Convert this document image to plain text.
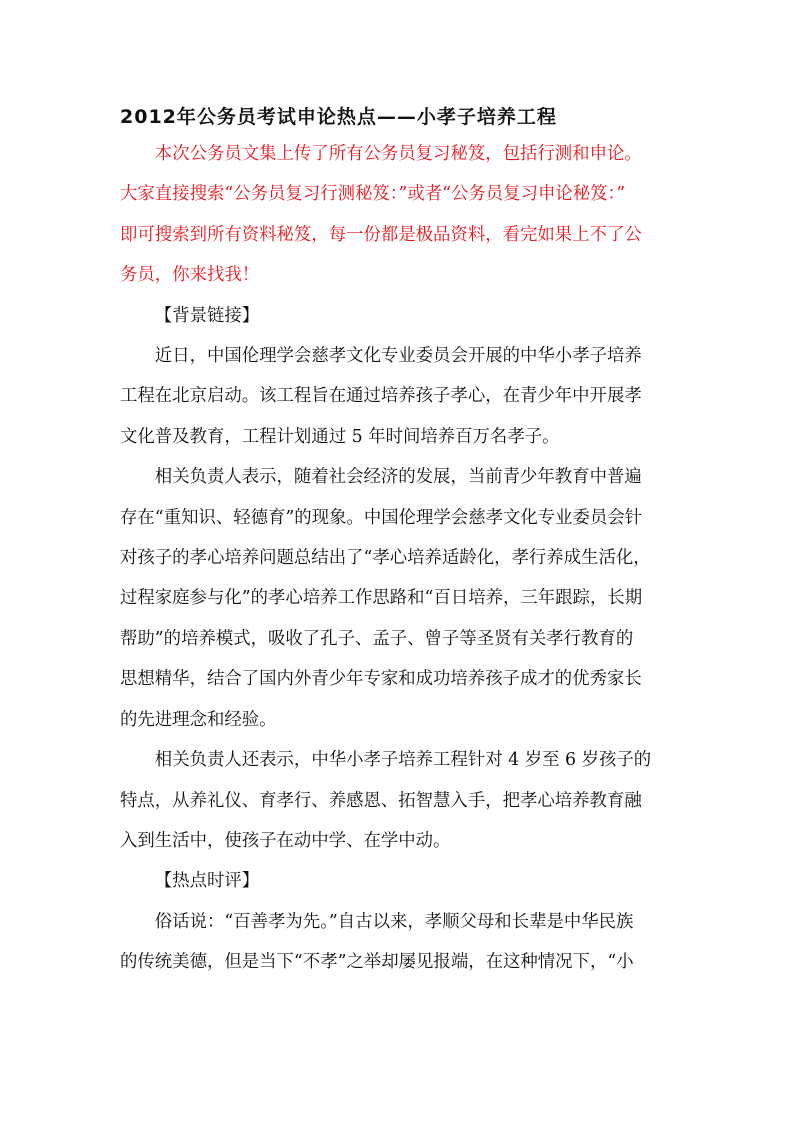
2012年公务员考试申论热点——小孝子培养工程

本次公务员文集上传了所有公务员复习秘笈，包括行测和申论。
大家直接搜索“公务员复习行测秘笈：”或者“公务员复习申论秘笈：”
即可搜索到所有资料秘笈，每一份都是极品资料，看完如果上不了公
务员，你来找我！

【背景链接】

近日，中国伦理学会慈孝文化专业委员会开展的中华小孝子培养
工程在北京启动。该工程旨在通过培养孩子孝心，在青少年中开展孝
文化普及教育，工程计划通过 5 年时间培养百万名孝子。

相关负责人表示，随着社会经济的发展，当前青少年教育中普遍
存在“重知识、轻德育”的现象。中国伦理学会慈孝文化专业委员会针
对孩子的孝心培养问题总结出了“孝心培养适龄化，孝行养成生活化，
过程家庭参与化”的孝心培养工作思路和“百日培养，三年跟踪，长期
帮助”的培养模式，吸收了孔子、孟子、曾子等圣贤有关孝行教育的
思想精华，结合了国内外青少年专家和成功培养孩子成才的优秀家长
的先进理念和经验。

相关负责人还表示，中华小孝子培养工程针对 4 岁至 6 岁孩子的
特点，从养礼仪、育孝行、养感恩、拓智慧入手，把孝心培养教育融
入到生活中，使孩子在动中学、在学中动。

【热点时评】

俗话说：“百善孝为先。”自古以来，孝顺父母和长辈是中华民族
的传统美德，但是当下“不孝”之举却屡见报端，在这种情况下，“小
